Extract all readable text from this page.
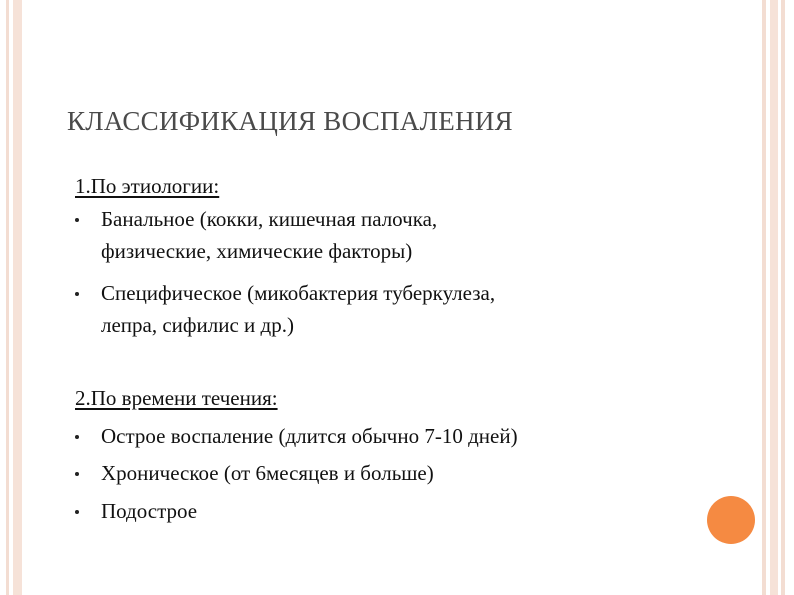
КЛАССИФИКАЦИЯ ВОСПАЛЕНИЯ
1.По этиологии:
Банальное (кокки, кишечная палочка,
физические, химические факторы)
Специфическое (микобактерия туберкулеза,
лепра, сифилис и др.)
2.По времени течения:
Острое воспаление (длится обычно 7-10 дней)
Хроническое (от 6месяцев и больше)
Подострое
